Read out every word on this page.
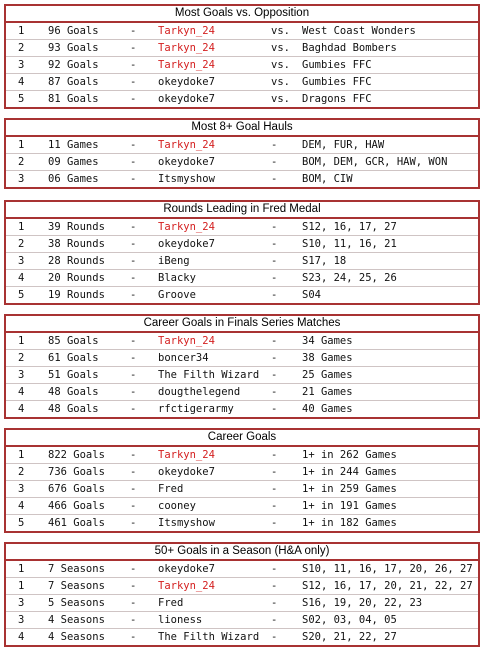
Most Goals vs. Opposition
1 96 Goals	- Tarkyn_24	vs. West Coast Wonders
2 93 Goals	- Tarkyn_24	vs. Baghdad Bombers
3 92 Goals	- Tarkyn_24	vs. Gumbies FFC
4 87 Goals	- okeydoke7	vs. Gumbies FFC
5 81 Goals	- okeydoke7	vs. Dragons FFC
Most 8+ Goal Hauls
1 11 Games	- Tarkyn_24	- DEM, FUR, HAW
2 09 Games	- okeydoke7	- BOM, DEM, GCR, HAW, WON
3 06 Games	- Itsmyshow	- BOM, CIW
Rounds Leading in Fred Medal
1 39 Rounds - Tarkyn_24	- S12, 16, 17, 27
2 38 Rounds - okeydoke7	- S10, 11, 16, 21
3 28 Rounds - iBeng	- S17, 18
4 20 Rounds - Blacky	- S23, 24, 25, 26
5 19 Rounds - Groove	- S04
Career Goals in Finals Series Matches
1 85 Goals	- Tarkyn_24	- 34 Games
2 61 Goals	- boncer34	- 38 Games
3 51 Goals	- The Filth Wizard - 25 Games
4 48 Goals	- dougthelegend	- 21 Games
4 48 Goals	- rfctigerarmy	- 40 Games
Career Goals
1 822 Goals - Tarkyn_24	- 1+ in 262 Games
2 736 Goals - okeydoke7	- 1+ in 244 Games
3 676 Goals - Fred	- 1+ in 259 Games
4 466 Goals - cooney	- 1+ in 191 Games
5 461 Goals - Itsmyshow	- 1+ in 182 Games
50+ Goals in a Season (H&A only)
1 7 Seasons - okeydoke7	- S10, 11, 16, 17, 20, 26, 27
1 7 Seasons - Tarkyn_24	- S12, 16, 17, 20, 21, 22, 27
3 5 Seasons - Fred	- S16, 19, 20, 22, 23
3 4 Seasons - lioness	- S02, 03, 04, 05
4 4 Seasons - The Filth Wizard - S20, 21, 22, 27
